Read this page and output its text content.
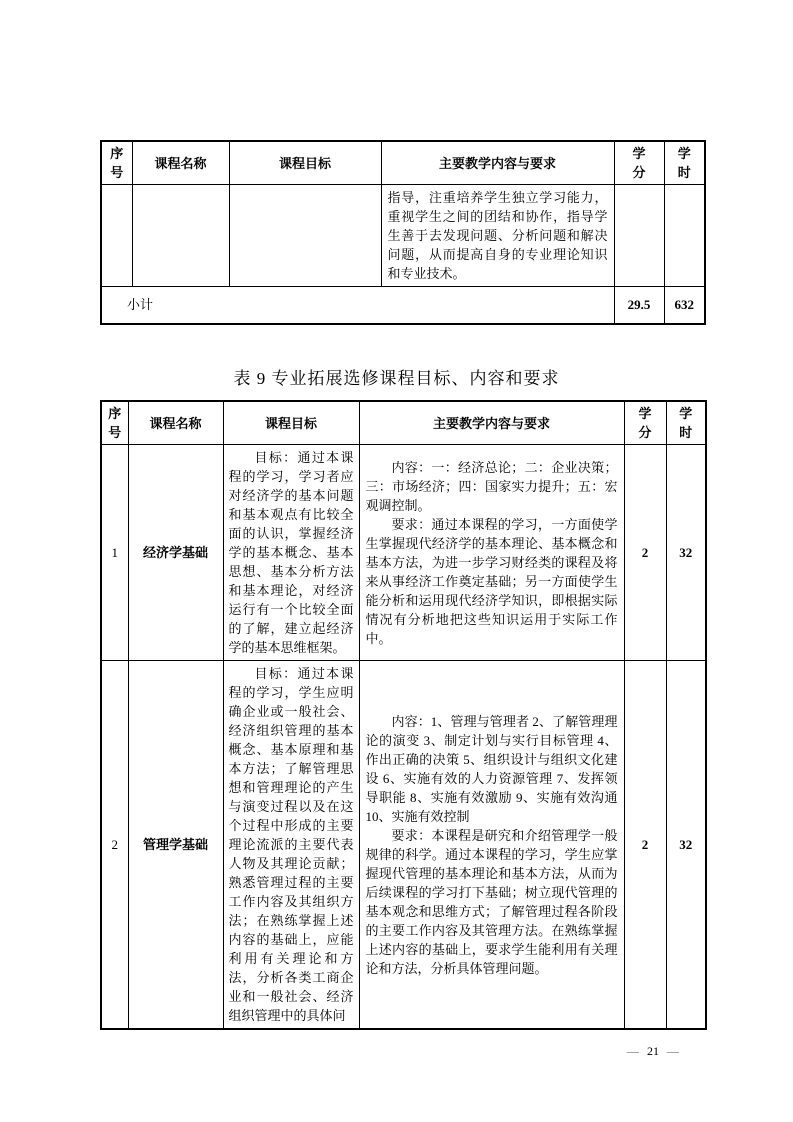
序号	课程名称	课程目标	主要教学内容与要求	学分	学时

			指导，注重培养学生独立学习能力，重视学生之间的团结和协作，指导学生善于去发现问题、分析问题和解决问题，从而提高自身的专业理论知识和专业技术。		

小计				29.5	632
表 9 专业拓展选修课程目标、内容和要求
序号	课程名称	课程目标	主要教学内容与要求	学分	学时
1	经济学基础	目标：通过本课程的学习，学习者应对经济学的基本问题和基本观点有比较全面的认识，掌握经济学的基本概念、基本思想、基本分析方法和基本理论，对经济运行有一个比较全面的了解，建立起经济学的基本思维框架。	内容：一：经济总论；二：企业决策；三：市场经济；四：国家实力提升；五：宏观调控制。

要求：通过本课程的学习，一方面使学生掌握现代经济学的基本理论、基本概念和基本方法，为进一步学习财经类的课程及将来从事经济工作奠定基础；另一方面使学生能分析和运用现代经济学知识，即根据实际情况有分析地把这些知识运用于实际工作中。	2	32
2	管理学基础	目标：通过本课程的学习，学生应明确企业或一般社会、经济组织管理的基本概念、基本原理和基本方法；了解管理思想和管理理论的产生与演变过程以及在这个过程中形成的主要理论流派的主要代表人物及其理论贡献；熟悉管理过程的主要工作内容及其组织方法；在熟练掌握上述内容的基础上，应能利用有关理论和方法，分析各类工商企业和一般社会、经济组织管理中的具体问	内容：1、管理与管理者 2、了解管理理论的演变 3、制定计划与实行目标管理 4、作出正确的决策 5、组织设计与组织文化建设 6、实施有效的人力资源管理 7、发挥领导职能 8、实施有效激励 9、实施有效沟通 10、实施有效控制

要求：本课程是研究和介绍管理学一般规律的科学。通过本课程的学习，学生应掌握现代管理的基本理论和基本方法，从而为后续课程的学习打下基础；树立现代管理的基本观念和思维方式；了解管理过程各阶段的主要工作内容及其管理方法。在熟练掌握上述内容的基础上，要求学生能利用有关理论和方法，分析具体管理问题。	2	32
— 21 —
